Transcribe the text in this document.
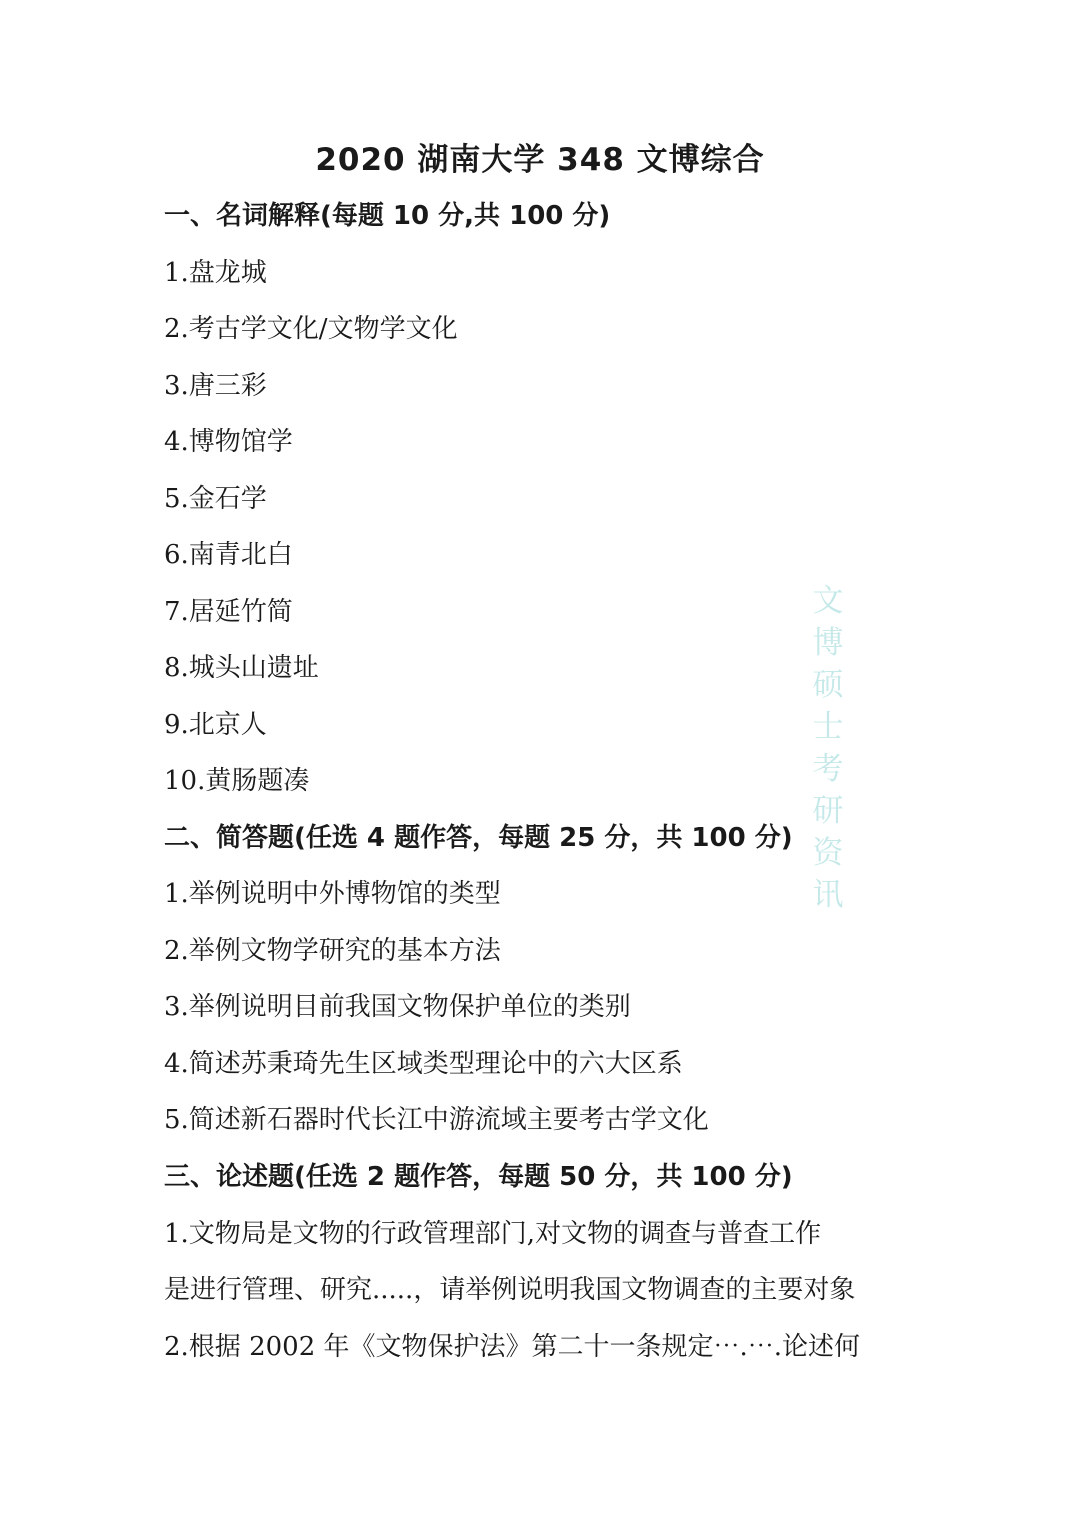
2020 湖南大学 348 文博综合
一、名词解释(每题 10 分,共 100 分)
1.盘龙城
2.考古学文化/文物学文化
3.唐三彩
4.博物馆学
5.金石学
6.南青北白
7.居延竹简
8.城头山遗址
9.北京人
10.黄肠题凑
二、简答题(任选 4 题作答，每题 25 分，共 100 分)
1.举例说明中外博物馆的类型
2.举例文物学研究的基本方法
3.举例说明目前我国文物保护单位的类别
4.简述苏秉琦先生区域类型理论中的六大区系
5.简述新石器时代长江中游流域主要考古学文化
三、论述题(任选 2 题作答，每题 50 分，共 100 分)
1.文物局是文物的行政管理部门,对文物的调查与普查工作
是进行管理、研究.....，请举例说明我国文物调查的主要对象
2.根据 2002 年《文物保护法》第二十一条规定⋯.⋯.论述何
文博硕士考研资讯
